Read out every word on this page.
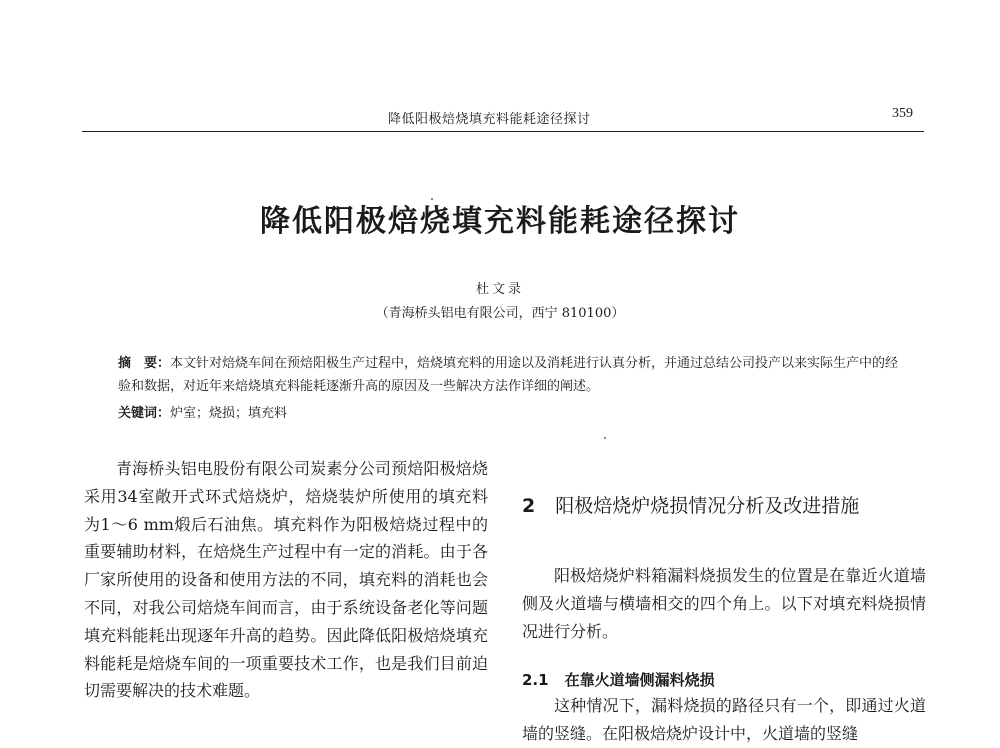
降低阳极焙烧填充料能耗途径探讨	359
降低阳极焙烧填充料能耗途径探讨
杜文录
（青海桥头铝电有限公司，西宁 810100）
摘　要：本文针对焙烧车间在预焙阳极生产过程中，焙烧填充料的用途以及消耗进行认真分析，并通过总结公司投产以来实际生产中的经验和数据，对近年来焙烧填充料能耗逐渐升高的原因及一些解决方法作详细的阐述。
关键词：炉室；烧损；填充料
青海桥头铝电股份有限公司炭素分公司预焙阳极焙烧采用34室敞开式环式焙烧炉，焙烧装炉所使用的填充料为1～6 mm煅后石油焦。填充料作为阳极焙烧过程中的重要辅助材料，在焙烧生产过程中有一定的消耗。由于各厂家所使用的设备和使用方法的不同，填充料的消耗也会不同，对我公司焙烧车间而言，由于系统设备老化等问题填充料能耗出现逐年升高的趋势。因此降低阳极焙烧填充料能耗是焙烧车间的一项重要技术工作，也是我们目前迫切需要解决的技术难题。
2 阳极焙烧炉烧损情况分析及改进措施
阳极焙烧炉料箱漏料烧损发生的位置是在靠近火道墙侧及火道墙与横墙相交的四个角上。以下对填充料烧损情况进行分析。
2.1 在靠火道墙侧漏料烧损
这种情况下，漏料烧损的路径只有一个，即通过火道墙的竖缝。在阳极焙烧炉设计中，火道墙的竖缝
